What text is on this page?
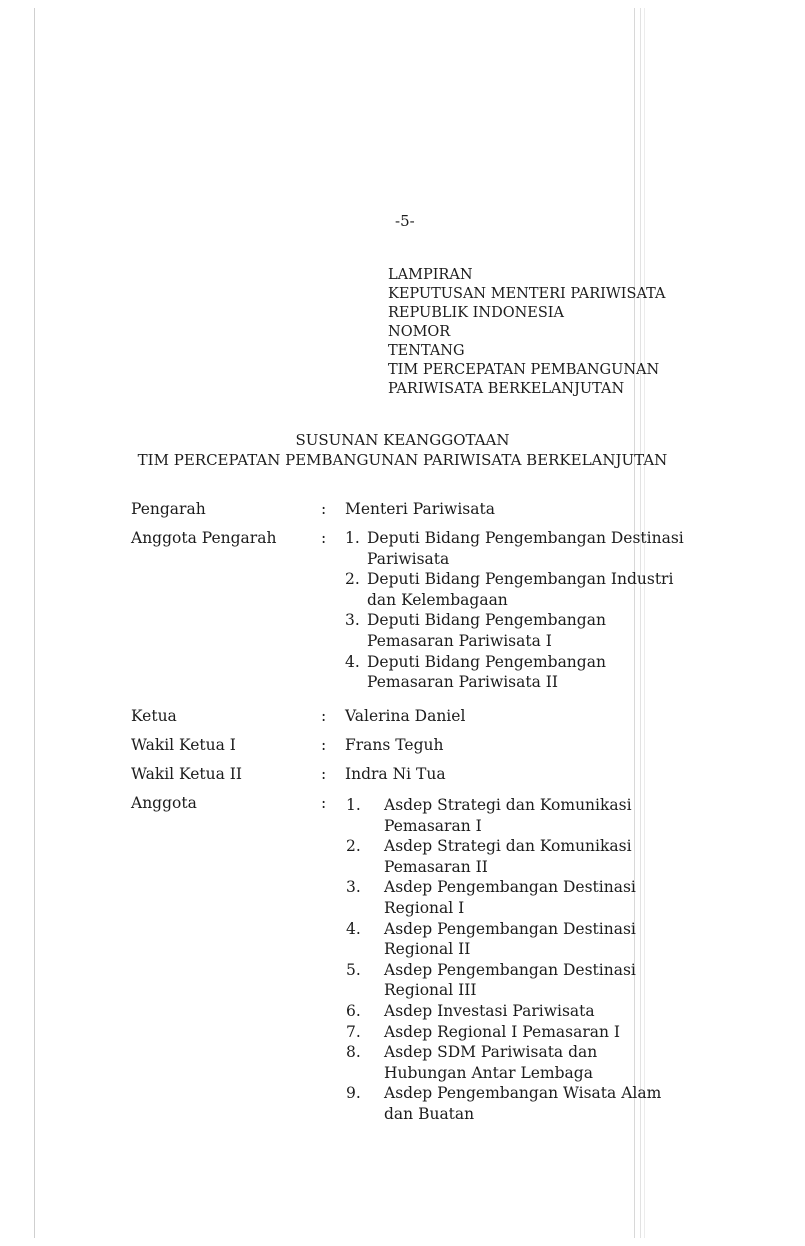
-5-
LAMPIRAN
KEPUTUSAN MENTERI PARIWISATA
REPUBLIK INDONESIA
NOMOR
TENTANG
TIM PERCEPATAN PEMBANGUNAN
PARIWISATA BERKELANJUTAN
SUSUNAN KEANGGOTAAN
TIM PERCEPATAN PEMBANGUNAN PARIWISATA BERKELANJUTAN
Pengarah	: Menteri Pariwisata
Anggota Pengarah	: 1. Deputi Bidang Pengembangan Destinasi
Pariwisata
2. Deputi Bidang Pengembangan Industri
dan Kelembagaan
3. Deputi Bidang Pengembangan
Pemasaran Pariwisata I
4. Deputi Bidang Pengembangan
Pemasaran Pariwisata II
Ketua	: Valerina Daniel
Wakil Ketua I	: Frans Teguh
Wakil Ketua II	: Indra Ni Tua
Anggota	: 1. Asdep Strategi dan Komunikasi
Pemasaran I
2. Asdep Strategi dan Komunikasi
Pemasaran II
3. Asdep Pengembangan Destinasi
Regional I
4. Asdep Pengembangan Destinasi
Regional II
5. Asdep Pengembangan Destinasi
Regional III
6. Asdep Investasi Pariwisata
7. Asdep Regional I Pemasaran I
8. Asdep SDM Pariwisata dan
Hubungan Antar Lembaga
9. Asdep Pengembangan Wisata Alam
dan Buatan
